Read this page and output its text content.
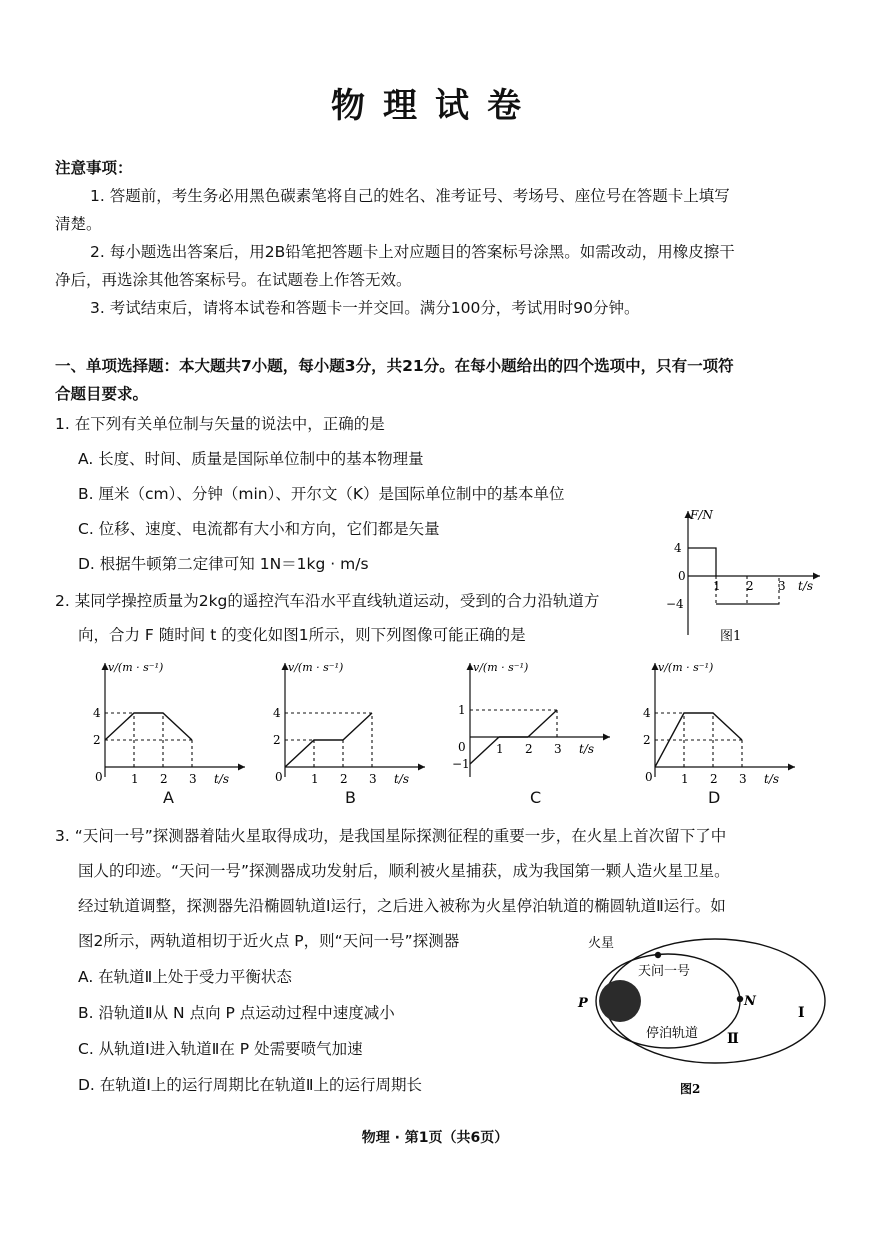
物理试卷
注意事项：
1. 答题前，考生务必用黑色碳素笔将自己的姓名、准考证号、考场号、座位号在答题卡上填写
清楚。
2. 每小题选出答案后，用2B铅笔把答题卡上对应题目的答案标号涂黑。如需改动，用橡皮擦干
净后，再选涂其他答案标号。在试题卷上作答无效。
3. 考试结束后，请将本试卷和答题卡一并交回。满分100分，考试用时90分钟。
一、单项选择题：本大题共7小题，每小题3分，共21分。在每小题给出的四个选项中，只有一项符
合题目要求。
1. 在下列有关单位制与矢量的说法中，正确的是
A. 长度、时间、质量是国际单位制中的基本物理量
B. 厘米（cm）、分钟（min）、开尔文（K）是国际单位制中的基本单位
C. 位移、速度、电流都有大小和方向，它们都是矢量
D. 根据牛顿第二定律可知 1N＝1kg · m/s
2. 某同学操控质量为2kg的遥控汽车沿水平直线轨道运动，受到的合力沿轨道方
向，合力 F 随时间 t 的变化如图1所示，则下列图像可能正确的是
F/N
4
0
−4
1 2 3 t/s
图1
v/(m · s⁻¹)
1 2 3 t/s
0
4
2
v/(m · s⁻¹)
1 2 3 t/s
0
4
2
v/(m · s⁻¹)
1 2 3 t/s
0
1
−1
v/(m · s⁻¹)
1 2 3 t/s
0
4
2
A	B	C	D
3. “天问一号”探测器着陆火星取得成功，是我国星际探测征程的重要一步，在火星上首次留下了中
国人的印迹。“天问一号”探测器成功发射后，顺利被火星捕获，成为我国第一颗人造火星卫星。
经过轨道调整，探测器先沿椭圆轨道Ⅰ运行，之后进入被称为火星停泊轨道的椭圆轨道Ⅱ运行。如
图2所示，两轨道相切于近火点 P，则“天问一号”探测器
A. 在轨道Ⅱ上处于受力平衡状态
B. 沿轨道Ⅱ从 N 点向 P 点运动过程中速度减小
C. 从轨道Ⅰ进入轨道Ⅱ在 P 处需要喷气加速
D. 在轨道Ⅰ上的运行周期比在轨道Ⅱ上的运行周期长
火星
天问一号
P	N
停泊轨道 Ⅱ
Ⅰ
图2
物理 · 第1页（共6页）
